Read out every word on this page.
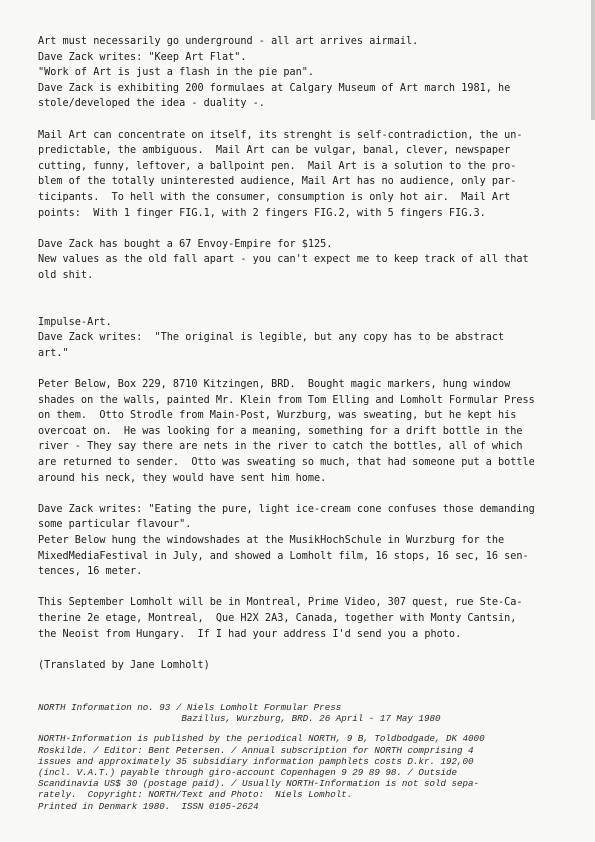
Art must necessarily go underground - all art arrives airmail.

Dave Zack writes: "Keep Art Flat".

"Work of Art is just a flash in the pie pan".

Dave Zack is exhibiting 200 formulaes at Calgary Museum of Art march 1981, he

stole/developed the idea - duality -.

Mail Art can concentrate on itself, its strenght is self-contradiction, the un-

predictable, the ambiguous.  Mail Art can be vulgar, banal, clever, newspaper

cutting, funny, leftover, a ballpoint pen.  Mail Art is a solution to the pro-

blem of the totally uninterested audience, Mail Art has no audience, only par-

ticipants.  To hell with the consumer, consumption is only hot air.  Mail Art

points:  With 1 finger FIG.1, with 2 fingers FIG.2, with 5 fingers FIG.3.

Dave Zack has bought a 67 Envoy-Empire for $125.

New values as the old fall apart - you can't expect me to keep track of all that

old shit.

Impulse-Art.

Dave Zack writes:  "The original is legible, but any copy has to be abstract

art."

Peter Below, Box 229, 8710 Kitzingen, BRD.  Bought magic markers, hung window

shades on the walls, painted Mr. Klein from Tom Elling and Lomholt Formular Press

on them.  Otto Strodle from Main-Post, Wurzburg, was sweating, but he kept his

overcoat on.  He was looking for a meaning, something for a drift bottle in the

river - They say there are nets in the river to catch the bottles, all of which

are returned to sender.  Otto was sweating so much, that had someone put a bottle

around his neck, they would have sent him home.

Dave Zack writes: "Eating the pure, light ice-cream cone confuses those demanding

some particular flavour".

Peter Below hung the windowshades at the MusikHochSchule in Wurzburg for the

MixedMediaFestival in July, and showed a Lomholt film, 16 stops, 16 sec, 16 sen-

tences, 16 meter.

This September Lomholt will be in Montreal, Prime Video, 307 quest, rue Ste-Ca-

therine 2e etage, Montreal,  Que H2X 2A3, Canada, together with Monty Cantsin,

the Neoist from Hungary.  If I had your address I'd send you a photo.

(Translated by Jane Lomholt)

NORTH Information no. 93 / Niels Lomholt Formular Press

Bazillus, Wurzburg, BRD. 26 April - 17 May 1980

NORTH-Information is published by the periodical NORTH, 9 B, Toldbodgade, DK 4000

Roskilde. / Editor: Bent Petersen. / Annual subscription for NORTH comprising 4

issues and approximately 35 subsidiary information pamphlets costs D.kr. 192,00

(incl. V.A.T.) payable through giro-account Copenhagen 9 29 89 98. / Outside

Scandinavia US$ 30 (postage paid). / Usually NORTH-Information is not sold sepa-

rately.  Copyright: NORTH/Text and Photo:  Niels Lomholt.

Printed in Denmark 1980.  ISSN 0105-2624
